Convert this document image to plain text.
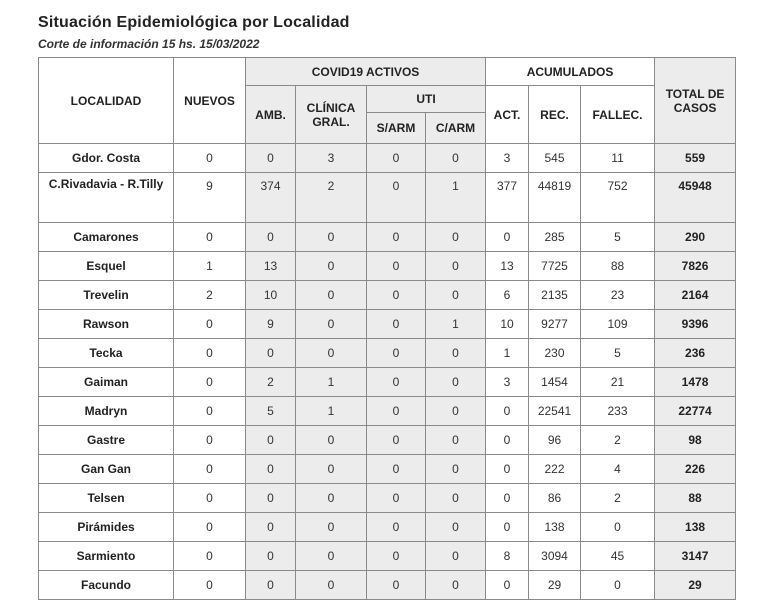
Situación Epidemiológica por Localidad
Corte de información 15 hs. 15/03/2022
LOCALIDAD	NUEVOS	COVID19 ACTIVOS				ACUMULADOS			TOTAL DE CASOS
		AMB.	CLÍNICA GRAL.	UTI		ACT.	REC.	FALLEC.	
				S/ARM	C/ARM				
Gdor. Costa	0	0	3	0	0	3	545	11	559
C.Rivadavia - R.Tilly	9	374	2	0	1	377	44819	752	45948
Camarones	0	0	0	0	0	0	285	5	290
Esquel	1	13	0	0	0	13	7725	88	7826
Trevelin	2	10	0	0	0	6	2135	23	2164
Rawson	0	9	0	0	1	10	9277	109	9396
Tecka	0	0	0	0	0	1	230	5	236
Gaiman	0	2	1	0	0	3	1454	21	1478
Madryn	0	5	1	0	0	0	22541	233	22774
Gastre	0	0	0	0	0	0	96	2	98
Gan Gan	0	0	0	0	0	0	222	4	226
Telsen	0	0	0	0	0	0	86	2	88
Pirámides	0	0	0	0	0	0	138	0	138
Sarmiento	0	0	0	0	0	8	3094	45	3147
Facundo	0	0	0	0	0	0	29	0	29
